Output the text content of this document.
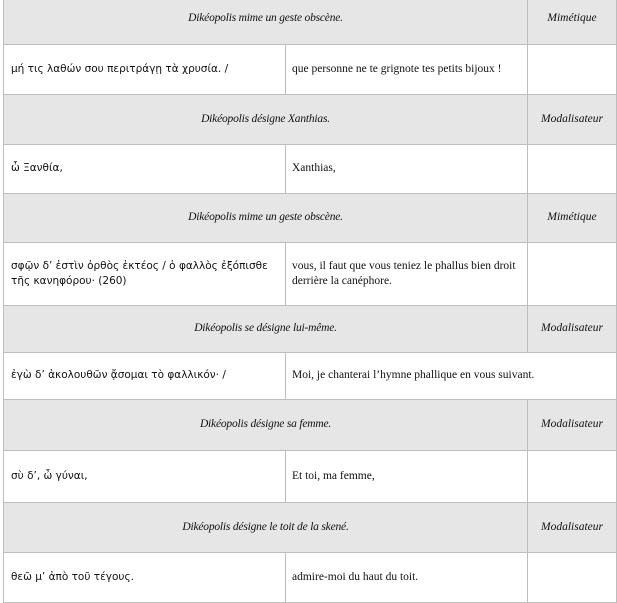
Dikéopolis mime un geste obscène.		Mimétique
μή τις λαθών σου περιτράγῃ τὰ χρυσία. /	que personne ne te grignote tes petits bijoux !	
Dikéopolis désigne Xanthias.		Modalisateur
ὦ Ξανθία,	Xanthias,	
Dikéopolis mime un geste obscène.		Mimétique
σφῷν δ’ ἐστὶν ὀρθὸς ἑκτέος / ὁ φαλλὸς ἐξόπισθε τῆς κανηφόρου· (260)	vous, il faut que vous teniez le phallus bien droit derrière la canéphore.	
Dikéopolis se désigne lui-même.		Modalisateur
ἐγὼ δ’ ἀκολουθῶν ᾄσομαι τὸ φαλλικόν· /	Moi, je chanterai l’hymne phallique en vous suivant.	
Dikéopolis désigne sa femme.		Modalisateur
σὺ δ’, ὦ γύναι,	Et toi, ma femme,	
Dikéopolis désigne le toit de la skené.		Modalisateur
θεῶ μ’ ἀπὸ τοῦ τέγους.	admire-moi du haut du toit.	
